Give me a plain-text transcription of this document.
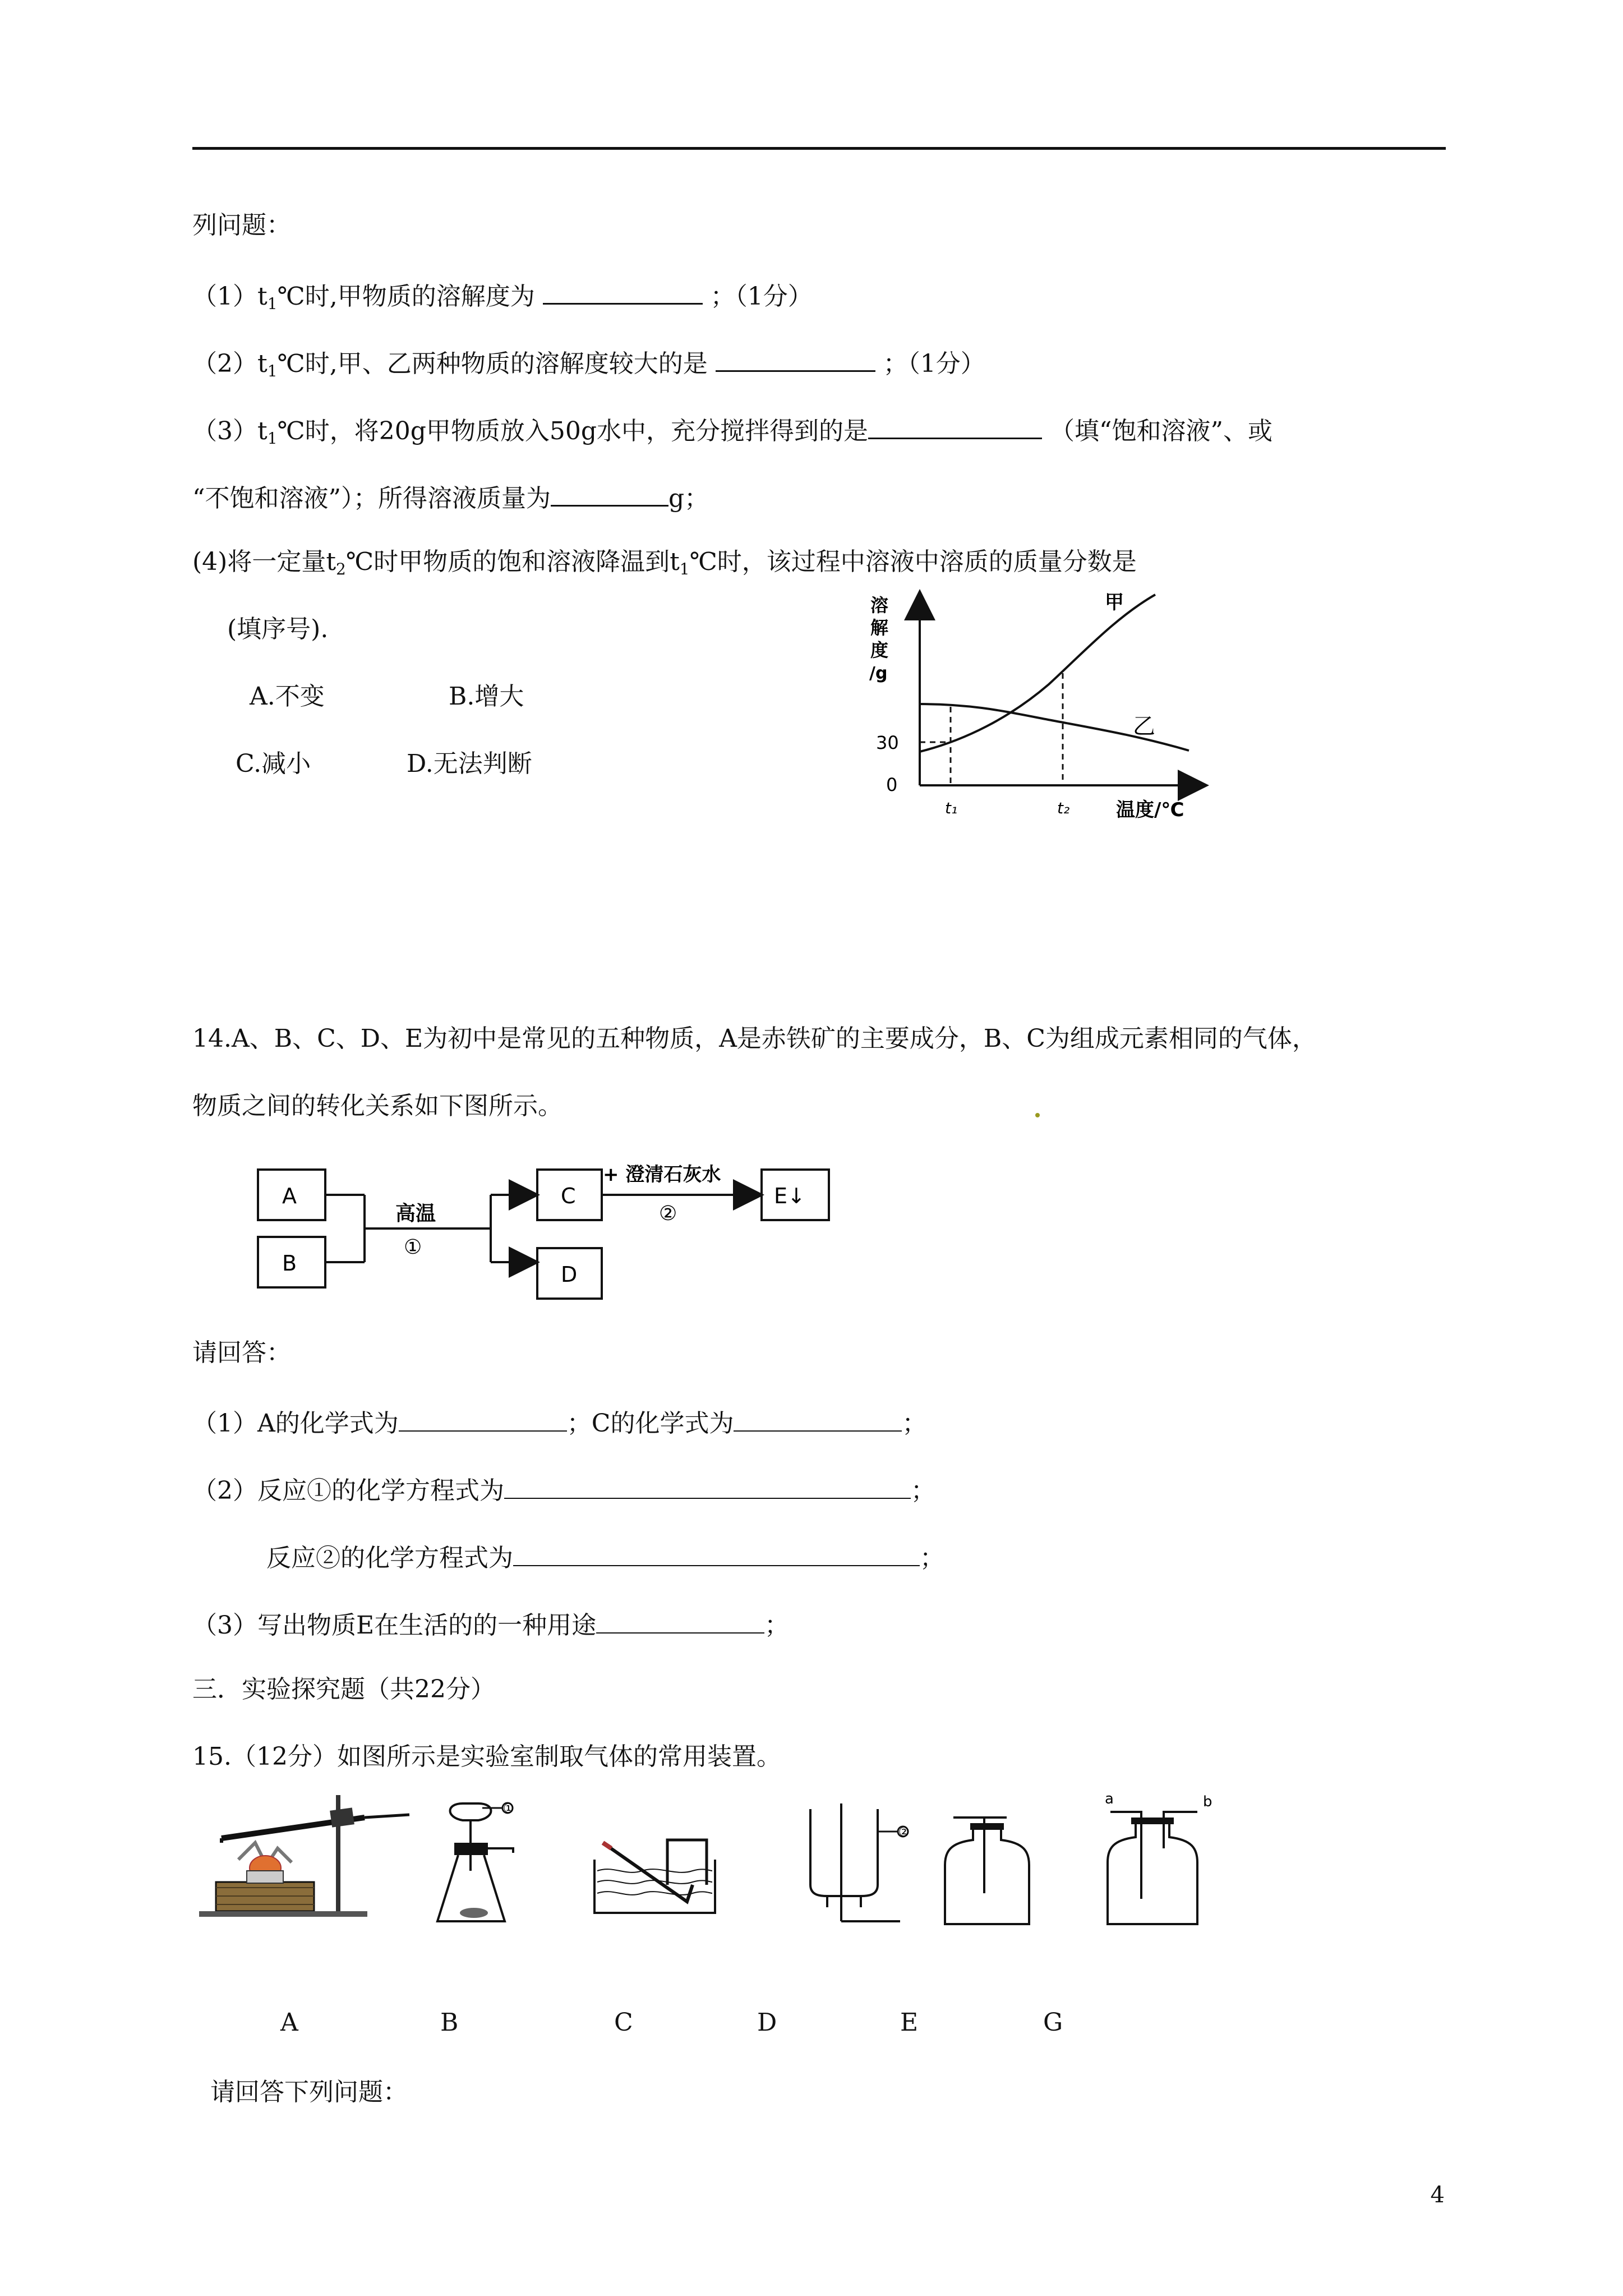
列问题：
$(1)t_1℃$时,甲物质的溶解度为	；（1分）
$(2)t_1℃$时,甲、乙两种物质的溶解度较大的是	；（1分）
$(3)t_1℃$时，将20g甲物质放入50g水中，充分搅拌得到的是	（填“饱和溶液”、或
“不饱和溶液”）；所得溶液质量为	g；
(4)将一定量$t_2℃$时甲物质的饱和溶液降温到$t_1℃$时，该过程中溶液中溶质的质量分数是
(填序号).
A.不变	B.增大
C.减小	D.无法判断
溶
解
度
/g
30
0
t₁	t₂ 温度/℃
甲
乙
14.A、B、C、D、E为初中是常见的五种物质，A是赤铁矿的主要成分，B、C为组成元素相同的气体，
物质之间的转化关系如下图所示。
A
B
高温
①
C
D
+ 澄清石灰水
②
E↓
请回答：
（1）A的化学式为	；C的化学式为	；
（2）反应①的化学方程式为	；
反应②的化学方程式为	；
（3）写出物质E在生活的的一种用途	；
三．实验探究题（共22分）
15.（12分）如图所示是实验室制取气体的常用装置。
①
②
a	b
A	B	C	D	E	G
请回答下列问题：
4
